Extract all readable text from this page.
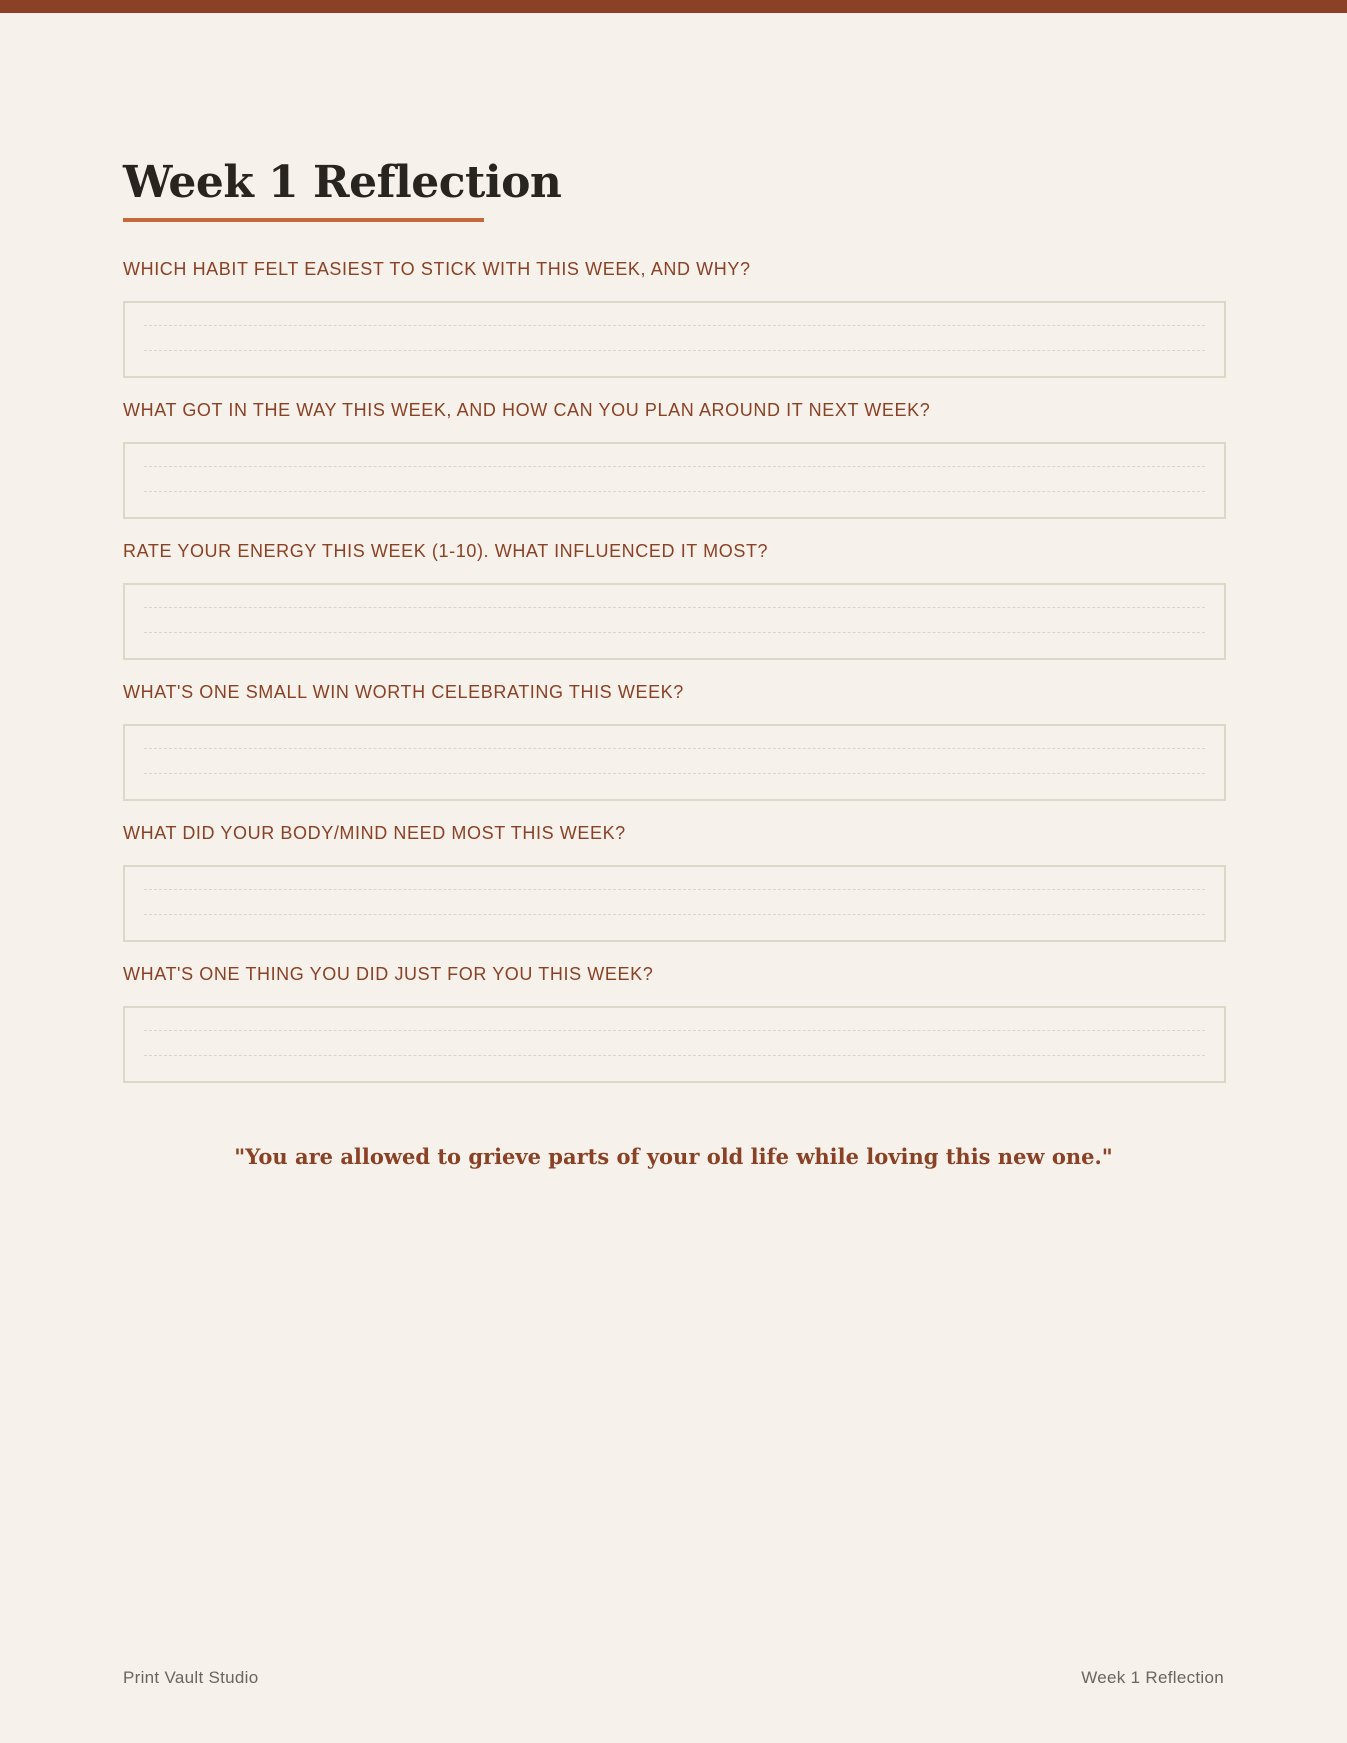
Week 1 Reflection
WHICH HABIT FELT EASIEST TO STICK WITH THIS WEEK, AND WHY?
WHAT GOT IN THE WAY THIS WEEK, AND HOW CAN YOU PLAN AROUND IT NEXT WEEK?
RATE YOUR ENERGY THIS WEEK (1-10). WHAT INFLUENCED IT MOST?
WHAT'S ONE SMALL WIN WORTH CELEBRATING THIS WEEK?
WHAT DID YOUR BODY/MIND NEED MOST THIS WEEK?
WHAT'S ONE THING YOU DID JUST FOR YOU THIS WEEK?
"You are allowed to grieve parts of your old life while loving this new one."
Print Vault Studio	Week 1 Reflection
